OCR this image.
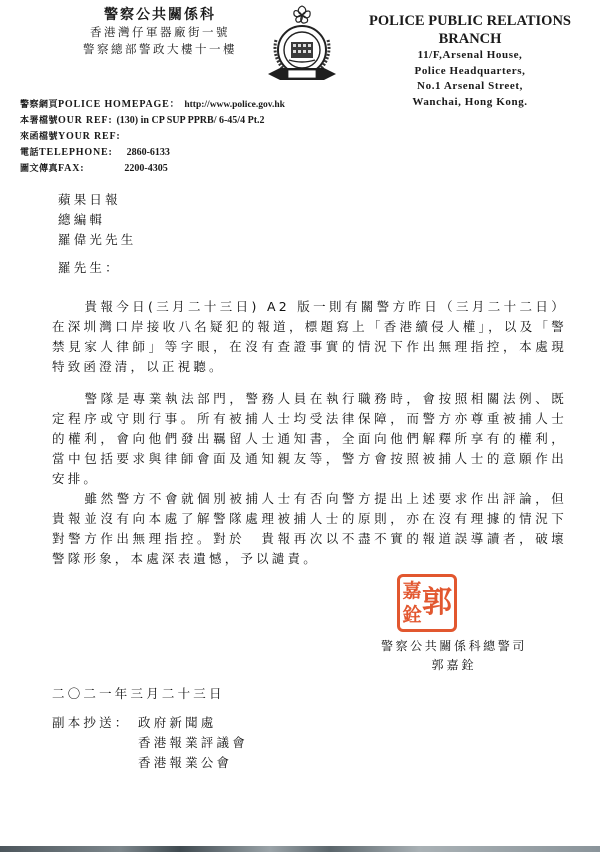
警察公共關係科
香港灣仔軍器廠街一號
警察總部警政大樓十一樓
POLICE PUBLIC RELATIONS BRANCH
11/F,Arsenal House,
Police Headquarters,
No.1 Arsenal Street,
Wanchai, Hong Kong.
警察網頁 POLICE HOMEPAGE： http://www.police.gov.hk
本署檔號 OUR REF: (130) in CP SUP PPRB/ 6-45/4 Pt.2
來函檔號 YOUR REF:
電話 TELEPHONE: 2860-6133
圖文傳真 FAX:	2200-4305
蘋果日報
總編輯
羅偉光先生
羅先生：

貴報今日(三月二十三日) A2 版一則有關警方昨日（三月二十二日）在深圳灣口岸接收八名疑犯的報道，標題寫上「香港續侵人權」，以及「警禁見家人律師」等字眼，在沒有查證事實的情況下作出無理指控，本處現特致函澄清，以正視聽。

警隊是專業執法部門，警務人員在執行職務時，會按照相關法例、既定程序或守則行事。所有被捕人士均受法律保障，而警方亦尊重被捕人士的權利，會向他們發出羈留人士通知書，全面向他們解釋所享有的權利，當中包括要求與律師會面及通知親友等，警方會按照被捕人士的意願作出安排。

雖然警方不會就個別被捕人士有否向警方提出上述要求作出評論，但　貴報並沒有向本處了解警隊處理被捕人士的原則，亦在沒有理據的情況下對警方作出無理指控。對於　貴報再次以不盡不實的報道誤導讀者，破壞警隊形象，本處深表遺憾，予以譴責。

郭
嘉
銓
警察公共關係科總警司
郭嘉銓
二〇二一年三月二十三日
副本抄送： 政府新聞處
香港報業評議會
香港報業公會
